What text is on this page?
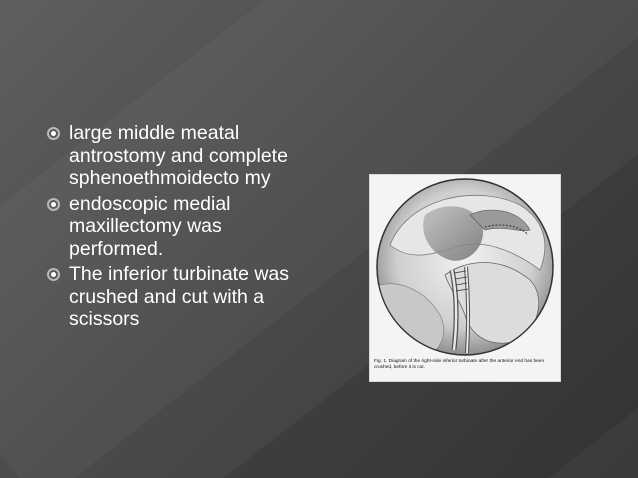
large middle meatal antrostomy and complete sphenoethmoidecto my
endoscopic medial maxillectomy was performed.
The inferior turbinate was crushed and cut with a scissors
Fig. 1. Diagram of the right-side inferior turbinate after the anterior end has been crushed, before it is cut.
